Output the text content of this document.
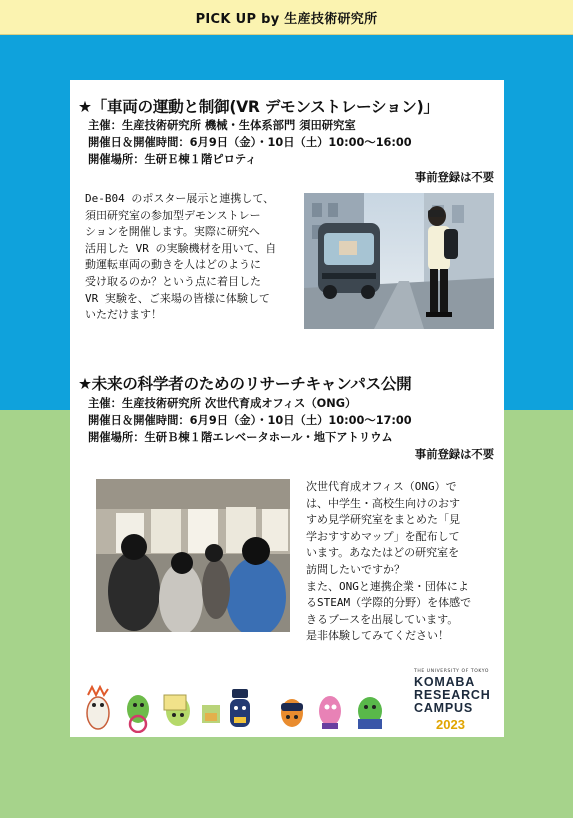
PICK UP by 生産技術研究所
★「車両の運動と制御(VR デモンストレーション)」
主催：生産技術研究所 機械・生体系部門 須田研究室
開催日＆開催時間：6月9日（金）・10日（土）10:00～16:00
開催場所：生研Ｅ棟１階ピロティ
事前登録は不要
De-B04 のポスター展示と連携して、
須田研究室の参加型デモンストレー
ションを開催します。実際に研究へ
活用した VR の実験機材を用いて、自
動運転車両の動きを人はどのように
受け取るのか？という点に着目した
VR 実験を、ご来場の皆様に体験して
いただけます！
★未来の科学者のためのリサーチキャンパス公開
主催：生産技術研究所 次世代育成オフィス（ONG）
開催日＆開催時間：6月9日（金）・10日（土）10:00～17:00
開催場所：生研Ｂ棟１階エレベータホール・地下アトリウム
事前登録は不要
次世代育成オフィス（ONG）で
は、中学生・高校生向けのおす
すめ見学研究室をまとめた「見
学おすすめマップ」を配布して
います。あなたはどの研究室を
訪問したいですか？
また、ONGと連携企業・団体によ
るSTEAM（学際的分野）を体感で
きるブースを出展しています。
是非体験してみてください！
THE UNIVERSITY OF TOKYO
KOMABA
RESEARCH
CAMPUS
2023
